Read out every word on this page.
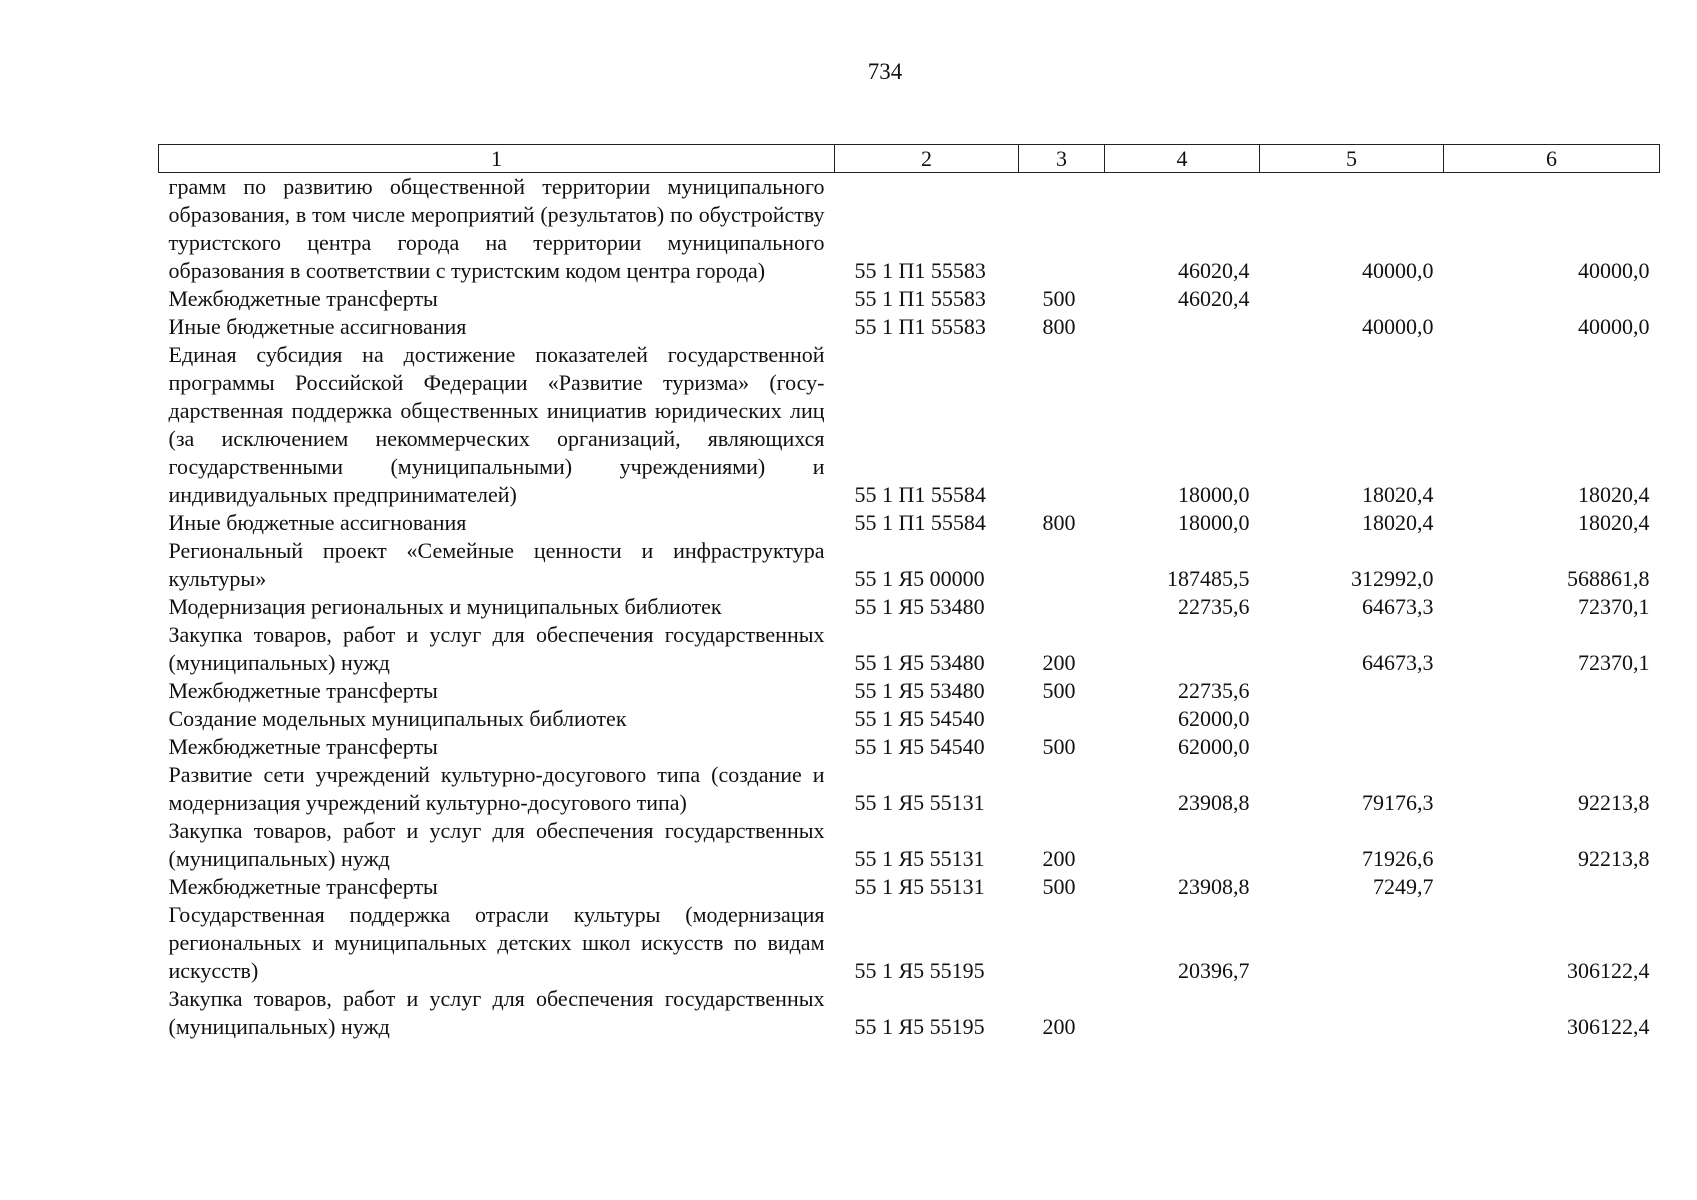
734
1	2	3	4	5	6
грамм по развитию общественной территории муниципального образования, в том числе мероприятий (результатов) по обустройству туристского центра города на территории муниципального образования в соответствии с туристским кодом центра города)	55 1 П1 55583		46020,4	40000,0	40000,0
Межбюджетные трансферты	55 1 П1 55583	500	46020,4		
Иные бюджетные ассигнования	55 1 П1 55583	800		40000,0	40000,0
Единая субсидия на достижение показателей государственной программы Российской Федерации «Развитие туризма» (государственная поддержка общественных инициатив юридических лиц (за исключением некоммерческих организаций, являющихся государственными (муниципальными) учреждениями) и индивидуальных предпринимателей)	55 1 П1 55584		18000,0	18020,4	18020,4
Иные бюджетные ассигнования	55 1 П1 55584	800	18000,0	18020,4	18020,4
Региональный проект «Семейные ценности и инфраструктура культуры»	55 1 Я5 00000		187485,5	312992,0	568861,8
Модернизация региональных и муниципальных библиотек	55 1 Я5 53480		22735,6	64673,3	72370,1
Закупка товаров, работ и услуг для обеспечения государственных (муниципальных) нужд	55 1 Я5 53480	200		64673,3	72370,1
Межбюджетные трансферты	55 1 Я5 53480	500	22735,6		
Создание модельных муниципальных библиотек	55 1 Я5 54540		62000,0		
Межбюджетные трансферты	55 1 Я5 54540	500	62000,0		
Развитие сети учреждений культурно-досугового типа (создание и модернизация учреждений культурно-досугового типа)	55 1 Я5 55131		23908,8	79176,3	92213,8
Закупка товаров, работ и услуг для обеспечения государственных (муниципальных) нужд	55 1 Я5 55131	200		71926,6	92213,8
Межбюджетные трансферты	55 1 Я5 55131	500	23908,8	7249,7	
Государственная поддержка отрасли культуры (модернизация региональных и муниципальных детских школ искусств по видам искусств)	55 1 Я5 55195		20396,7		306122,4
Закупка товаров, работ и услуг для обеспечения государственных (муниципальных) нужд	55 1 Я5 55195	200			306122,4
